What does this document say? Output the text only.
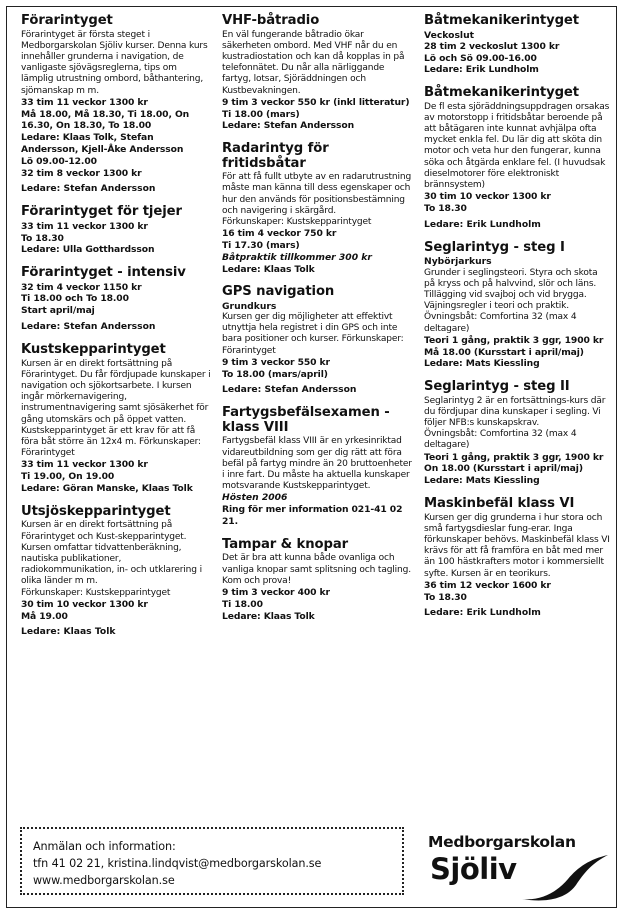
Förarintyget

Förarintyget är första steget i Medborgarskolan Sjöliv kurser. Denna kurs innehåller grunderna i navigation, de vanligaste sjövägsreglerna, tips om lämplig utrustning ombord, båthantering, sjömanskap m m.

33 tim 11 veckor 1300 kr

Må 18.00, Må 18.30, Ti 18.00, On 16.30, On 18.30, To 18.00

Ledare: Klaas Tolk, Stefan Andersson, Kjell-Åke Andersson

Lö 09.00-12.00

32 tim 8 veckor 1300 kr

Ledare: Stefan Andersson

Förarintyget för tjejer

33 tim 11 veckor 1300 kr

To 18.30

Ledare: Ulla Gotthardsson

Förarintyget - intensiv

32 tim 4 veckor 1150 kr

Ti 18.00 och To 18.00

Start april/maj

Ledare: Stefan Andersson

Kustskepparintyget

Kursen är en direkt fortsättning på Förarintyget. Du får fördjupade kunskaper i navigation och sjökortsarbete. I kursen ingår mörkernavigering, instrumentnavigering samt sjösäkerhet för gång utomskärs och på öppet vatten. Kustskepparintyget är ett krav för att få föra båt större än 12x4 m. Förkunskaper: Förarintyget

33 tim 11 veckor 1300 kr

Ti 19.00, On 19.00

Ledare: Göran Manske, Klaas Tolk

Utsjöskepparintyget

Kursen är en direkt fortsättning på Förarintyget och Kust-skepparintyget. Kursen omfattar tidvattenberäkning, nautiska publikationer, radiokommunikation, in- och utklarering i olika länder m m.

Förkunskaper: Kustskepparintyget

30 tim 10 veckor 1300 kr

Må 19.00

Ledare: Klaas Tolk

VHF-båtradio

En väl fungerande båtradio ökar säkerheten ombord. Med VHF når du en kustradiostation och kan då kopplas in på telefonnätet. Du når alla närliggande fartyg, lotsar, Sjöräddningen och Kustbevakningen.

9 tim 3 veckor 550 kr (inkl litteratur)

Ti 18.00 (mars)

Ledare: Stefan Andersson

Radarintyg för fritidsbåtar

För att få fullt utbyte av en radarutrustning måste man känna till dess egenskaper och hur den används för positionsbestämning och navigering i skärgård.

Förkunskaper: Kustskepparintyget

16 tim 4 veckor 750 kr

Ti 17.30 (mars)

Båtpraktik tillkommer 300 kr

Ledare: Klaas Tolk

GPS navigation

Grundkurs

Kursen ger dig möjligheter att effektivt utnyttja hela registret i din GPS och inte bara positioner och kurser. Förkunskaper: Förarintyget

9 tim 3 veckor 550 kr

To 18.00 (mars/april)

Ledare: Stefan Andersson

Fartygsbefälsexamen - klass VIII

Fartygsbefäl klass VIII är en yrkesinriktad vidareutbildning som ger dig rätt att föra befäl på fartyg mindre än 20 bruttoenheter i inre fart. Du måste ha aktuella kunskaper motsvarande Kustskepparintyget.

Hösten 2006

Ring för mer information 021-41 02 21.

Tampar & knopar

Det är bra att kunna både ovanliga och vanliga knopar samt splitsning och tagling. Kom och prova!

9 tim 3 veckor 400 kr

Ti 18.00

Ledare: Klaas Tolk

Båtmekanikerintyget

Veckoslut

28 tim 2 veckoslut 1300 kr

Lö och Sö 09.00-16.00

Ledare: Erik Lundholm

Båtmekanikerintyget

De fl esta sjöräddningsuppdragen orsakas av motorstopp i fritidsbåtar beroende på att båtägaren inte kunnat avhjälpa ofta mycket enkla fel. Du lär dig att sköta din motor och veta hur den fungerar, kunna söka och åtgärda enklare fel. (I huvudsak dieselmotorer före elektroniskt brännsystem)

30 tim 10 veckor 1300 kr

To 18.30

Ledare: Erik Lundholm

Seglarintyg - steg I

Nybörjarkurs

Grunder i seglingsteori. Styra och skota på kryss och på halvvind, slör och läns. Tillägging vid svajboj och vid brygga. Väjningsregler i teori och praktik.

Övningsbåt: Comfortina 32 (max 4 deltagare)

Teori 1 gång, praktik 3 ggr, 1900 kr

Må 18.00 (Kursstart i april/maj)

Ledare: Mats Kiessling

Seglarintyg - steg II

Seglarintyg 2 är en fortsättnings-kurs där du fördjupar dina kunskaper i segling. Vi följer NFB:s kunskapskrav.

Övningsbåt: Comfortina 32 (max 4 deltagare)

Teori 1 gång, praktik 3 ggr, 1900 kr

On 18.00 (Kursstart i april/maj)

Ledare: Mats Kiessling

Maskinbefäl klass VI

Kursen ger dig grunderna i hur stora och små fartygsdieslar fung-erar. Inga förkunskaper behövs. Maskinbefäl klass VI krävs för att få framföra en båt med mer än 100 hästkrafters motor i kommersiellt syfte. Kursen är en teorikurs.

36 tim 12 veckor 1600 kr

To 18.30

Ledare: Erik Lundholm

Anmälan och information:

tfn 41 02 21, kristina.lindqvist@medborgarskolan.se

www.medborgarskolan.se

Medborgarskolan
Sjöliv
